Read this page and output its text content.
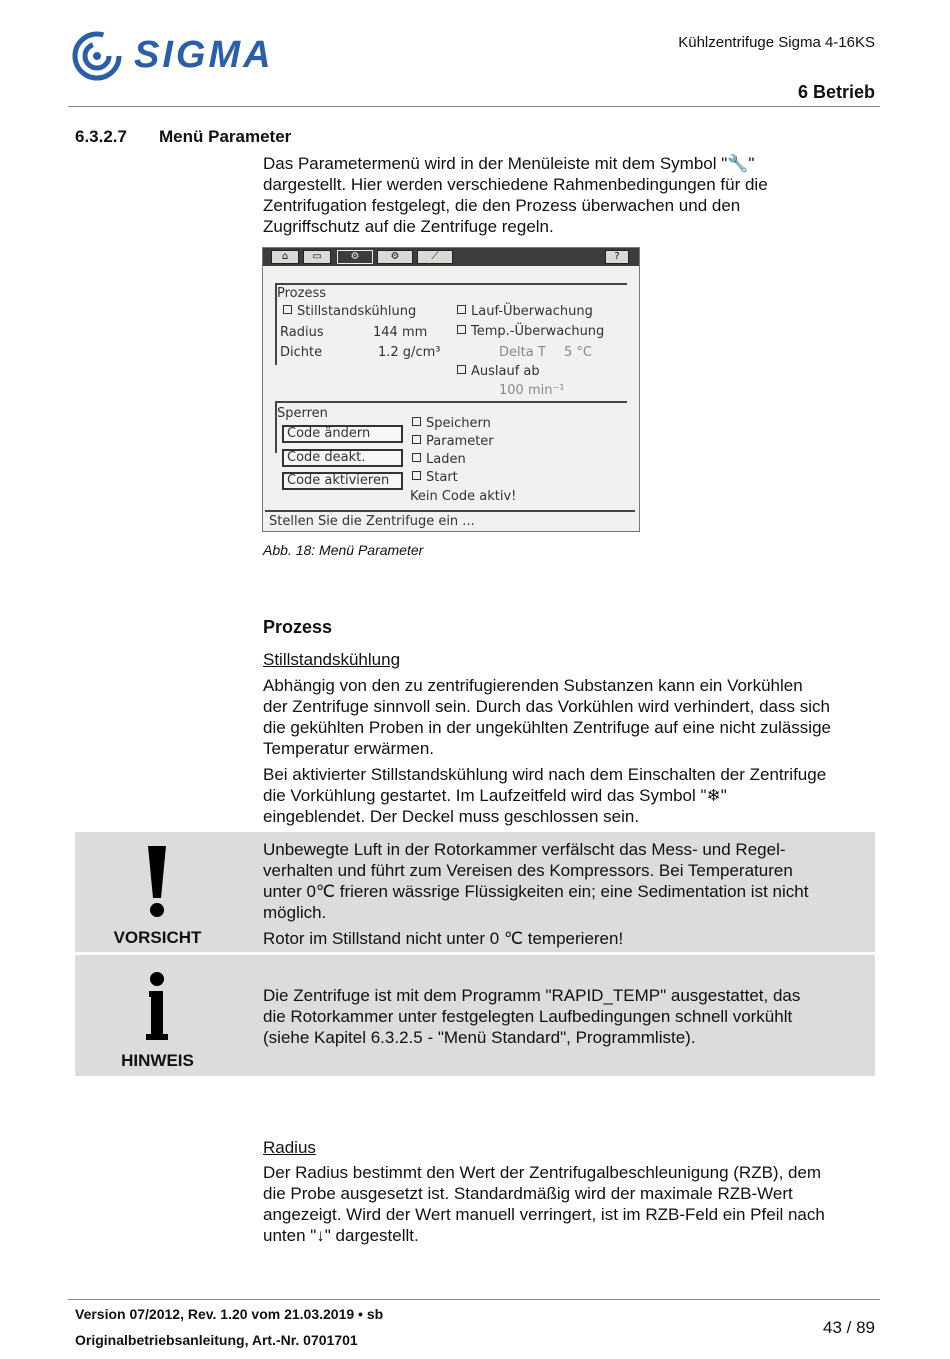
SIGMA	Kühlzentrifuge Sigma 4-16KS
6 Betrieb
6.3.2.7 Menü Parameter
Das Parametermenü wird in der Menüleiste mit dem Symbol "🔧"
dargestellt. Hier werden verschiedene Rahmenbedingungen für die
Zentrifugation festgelegt, die den Prozess überwachen und den
Zugriffschutz auf die Zentrifuge regeln.
⌂	▭	⚙	⚙	⟋	?
Prozess
Stillstandskühlung
Radius	144 mm
Dichte	1.2 g/cm³
Lauf-Überwachung
Temp.-Überwachung
Delta T 5 °C
Auslauf ab
100 min⁻¹
Sperren
Code ändern
Code deakt.
Code aktivieren
Speichern
Parameter
Laden
Start
Kein Code aktiv!
Stellen Sie die Zentrifuge ein ...
Abb. 18: Menü Parameter
Prozess
Stillstandskühlung
Abhängig von den zu zentrifugierenden Substanzen kann ein Vorkühlen
der Zentrifuge sinnvoll sein. Durch das Vorkühlen wird verhindert, dass sich
die gekühlten Proben in der ungekühlten Zentrifuge auf eine nicht zulässige
Temperatur erwärmen.
Bei aktivierter Stillstandskühlung wird nach dem Einschalten der Zentrifuge
die Vorkühlung gestartet. Im Laufzeitfeld wird das Symbol "❄"
eingeblendet. Der Deckel muss geschlossen sein.
VORSICHT
Unbewegte Luft in der Rotorkammer verfälscht das Mess- und Regel-
verhalten und führt zum Vereisen des Kompressors. Bei Temperaturen
unter 0℃ frieren wässrige Flüssigkeiten ein; eine Sedimentation ist nicht
möglich.
Rotor im Stillstand nicht unter 0 ℃ temperieren!
HINWEIS
Die Zentrifuge ist mit dem Programm "RAPID_TEMP" ausgestattet, das
die Rotorkammer unter festgelegten Laufbedingungen schnell vorkühlt
(siehe Kapitel 6.3.2.5 - "Menü Standard", Programmliste).
Radius
Der Radius bestimmt den Wert der Zentrifugalbeschleunigung (RZB), dem
die Probe ausgesetzt ist. Standardmäßig wird der maximale RZB-Wert
angezeigt. Wird der Wert manuell verringert, ist im RZB-Feld ein Pfeil nach
unten "↓" dargestellt.
Version 07/2012, Rev. 1.20 vom 21.03.2019 • sb
Originalbetriebsanleitung, Art.-Nr. 0701701
43 / 89
